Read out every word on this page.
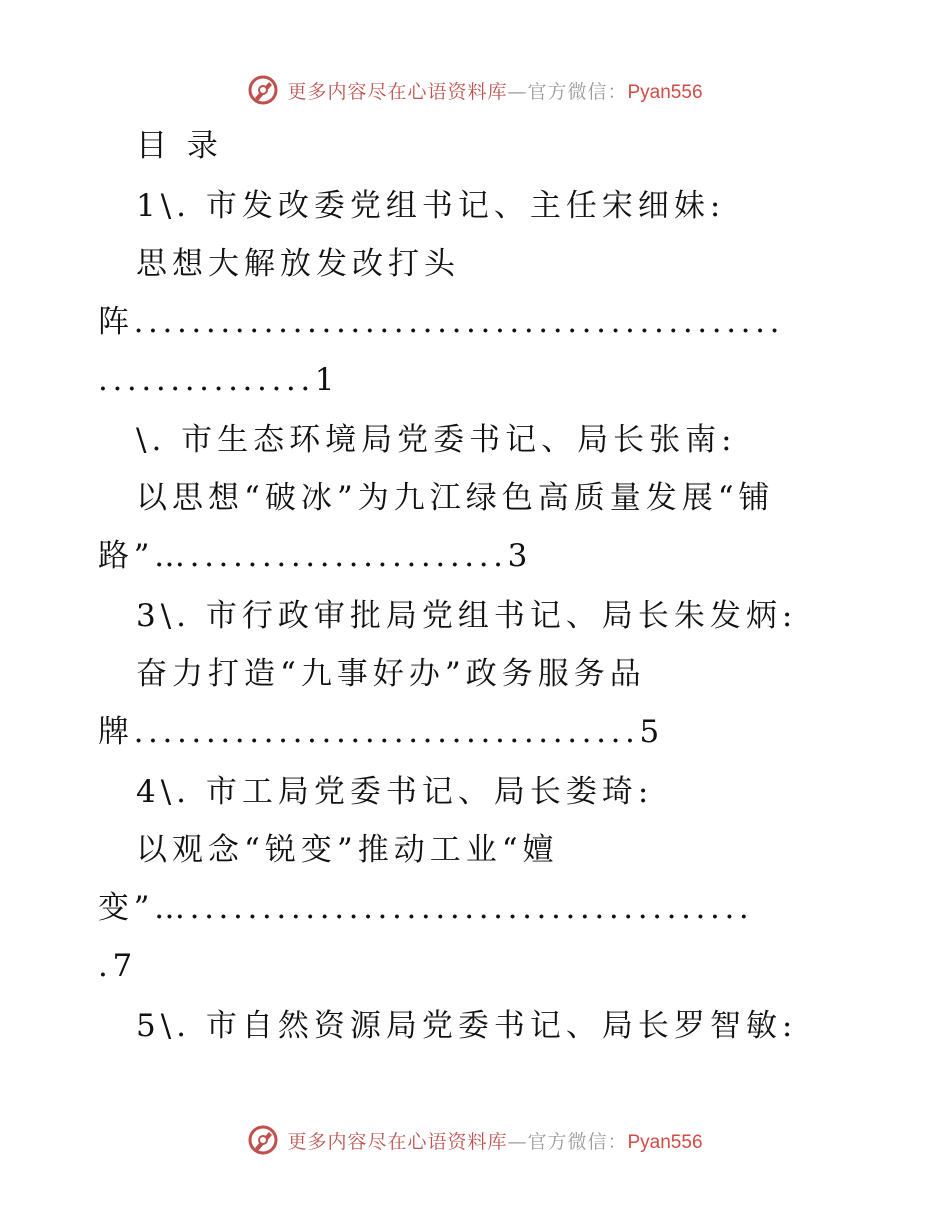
更多内容尽在心语资料库—官方微信：Pyan556
目 录
1\. 市发改委党组书记、主任宋细妹:
思想大解放发改打头
阵.............................................
...............1
\. 市生态环境局党委书记、局长张南:
以思想“破冰”为九江绿色高质量发展“铺
路”…......................3
3\. 市行政审批局党组书记、局长朱发炳:
奋力打造“九事好办”政务服务品
牌...................................5
4\. 市工局党委书记、局长娄琦:
以观念“锐变”推动工业“嬗
变”….......................................
.7
5\. 市自然资源局党委书记、局长罗智敏:
更多内容尽在心语资料库—官方微信：Pyan556
